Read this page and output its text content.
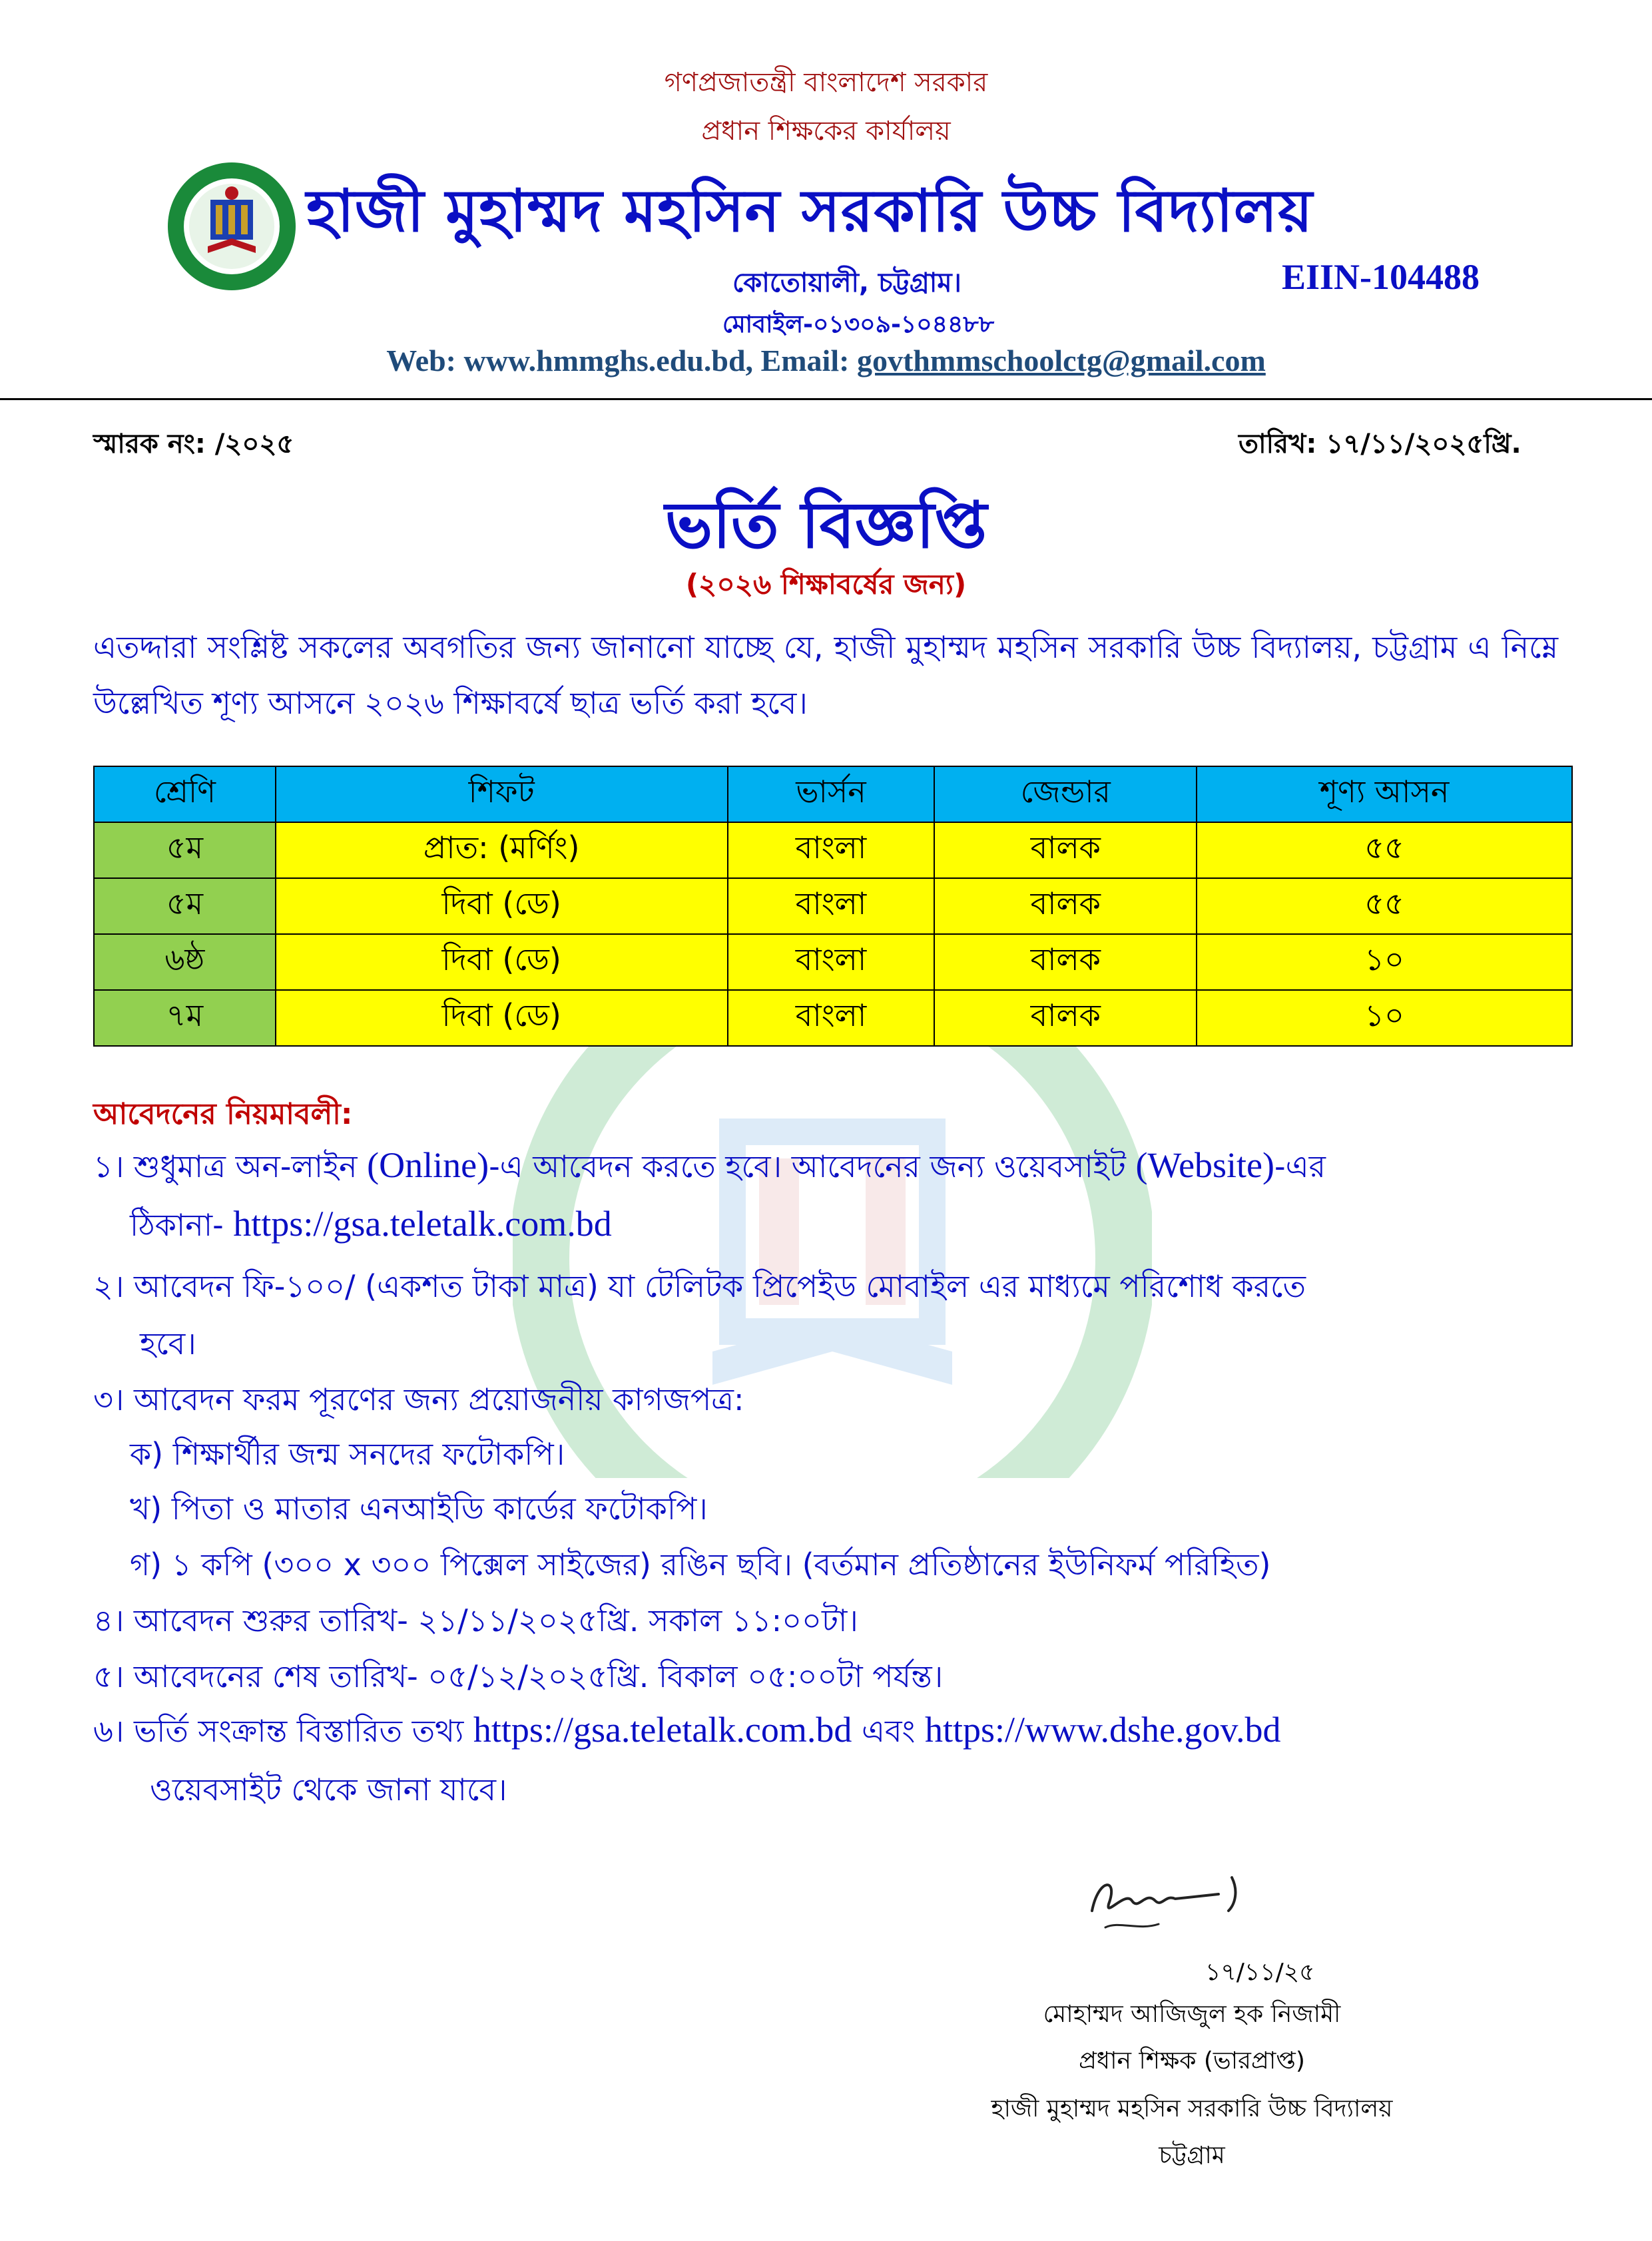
গণপ্রজাতন্ত্রী বাংলাদেশ সরকার
প্রধান শিক্ষকের কার্যালয়
হাজী মুহাম্মদ মহসিন সরকারি উচ্চ বিদ্যালয়
কোতোয়ালী, চট্টগ্রাম।	EIIN-104488
মোবাইল-০১৩০৯-১০৪৪৮৮
Web: www.hmmghs.edu.bd, Email: govthmmschoolctg@gmail.com
স্মারক নং: /২০২৫	তারিখ: ১৭/১১/২০২৫খ্রি.
ভর্তি বিজ্ঞপ্তি
(২০২৬ শিক্ষাবর্ষের জন্য)
এতদ্দারা সংশ্লিষ্ট সকলের অবগতির জন্য জানানো যাচ্ছে যে, হাজী মুহাম্মদ মহসিন সরকারি উচ্চ বিদ্যালয়, চট্টগ্রাম এ নিম্নে উল্লেখিত শূণ্য আসনে ২০২৬ শিক্ষাবর্ষে ছাত্র ভর্তি করা হবে।
শ্রেণি	শিফট	ভার্সন	জেন্ডার	শূণ্য আসন
৫ম	প্রাত: (মর্ণিং)	বাংলা	বালক	৫৫
৫ম	দিবা (ডে)	বাংলা	বালক	৫৫
৬ষ্ঠ	দিবা (ডে)	বাংলা	বালক	১০
৭ম	দিবা (ডে)	বাংলা	বালক	১০
আবেদনের নিয়মাবলী:
১। শুধুমাত্র অন-লাইন (Online)-এ আবেদন করতে হবে। আবেদনের জন্য ওয়েবসাইট (Website)-এর
ঠিকানা- https://gsa.teletalk.com.bd
২। আবেদন ফি-১০০/ (একশত টাকা মাত্র) যা টেলিটক প্রিপেইড মোবাইল এর মাধ্যমে পরিশোধ করতে
হবে।
৩। আবেদন ফরম পূরণের জন্য প্রয়োজনীয় কাগজপত্র:
ক) শিক্ষার্থীর জন্ম সনদের ফটোকপি।
খ) পিতা ও মাতার এনআইডি কার্ডের ফটোকপি।
গ) ১ কপি (৩০০ x ৩০০ পিক্সেল সাইজের) রঙিন ছবি। (বর্তমান প্রতিষ্ঠানের ইউনিফর্ম পরিহিত)
৪। আবেদন শুরুর তারিখ- ২১/১১/২০২৫খ্রি. সকাল ১১:০০টা।
৫। আবেদনের শেষ তারিখ- ০৫/১২/২০২৫খ্রি. বিকাল ০৫:০০টা পর্যন্ত।
৬। ভর্তি সংক্রান্ত বিস্তারিত তথ্য https://gsa.teletalk.com.bd এবং https://www.dshe.gov.bd
ওয়েবসাইট থেকে জানা যাবে।
১৭/১১/২৫
মোহাম্মদ আজিজুল হক নিজামী
প্রধান শিক্ষক (ভারপ্রাপ্ত)
হাজী মুহাম্মদ মহসিন সরকারি উচ্চ বিদ্যালয়
চট্টগ্রাম
